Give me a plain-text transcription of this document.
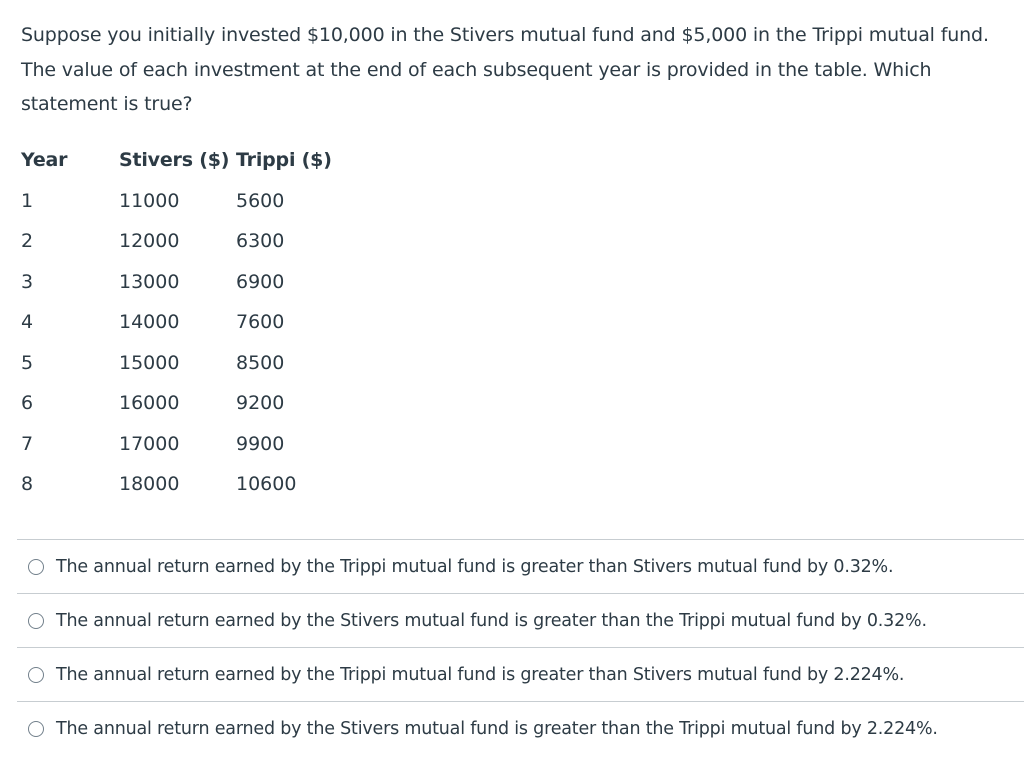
Suppose you initially invested $10,000 in the Stivers mutual fund and $5,000 in the Trippi mutual fund. The value of each investment at the end of each subsequent year is provided in the table. Which statement is true?

Year	Stivers ($)	Trippi ($)
1	11000	5600
2	12000	6300
3	13000	6900
4	14000	7600
5	15000	8500
6	16000	9200
7	17000	9900
8	18000	10600
The annual return earned by the Trippi mutual fund is greater than Stivers mutual fund by 0.32%.
The annual return earned by the Stivers mutual fund is greater than the Trippi mutual fund by 0.32%.
The annual return earned by the Trippi mutual fund is greater than Stivers mutual fund by 2.224%.
The annual return earned by the Stivers mutual fund is greater than the Trippi mutual fund by 2.224%.
